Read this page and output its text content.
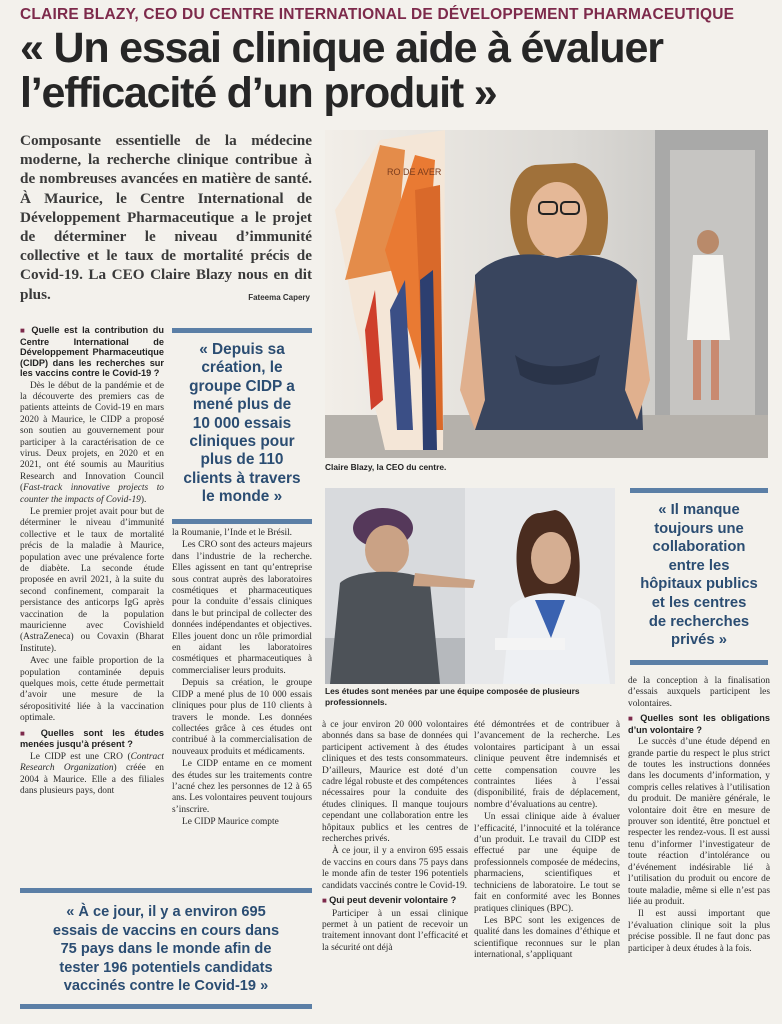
CLAIRE BLAZY, CEO DU CENTRE INTERNATIONAL DE DÉVELOPPEMENT PHARMACEUTIQUE
« Un essai clinique aide à évaluer
l’efficacité d’un produit »
Composante essentielle de la médecine moderne, la recherche clinique contribue à de nombreuses avancées en matière de santé. À Maurice, le Centre International de Développement Pharmaceutique a le projet de déterminer le niveau d’immunité collective et le taux de mortalité précis de Covid-19. La CEO Claire Blazy nous en dit plus.	Fateema Capery
RO DE AVER
Claire Blazy, la CEO du centre.
Les études sont menées par une équipe composée de plusieurs professionnels.
« Depuis sa
création, le
groupe CIDP a
mené plus de
10 000 essais
cliniques pour
plus de 110
clients à travers
le monde »
« Il manque
toujours une
collaboration
entre les
hôpitaux publics
et les centres
de recherches
privés »
« À ce jour, il y a environ 695
essais de vaccins en cours dans
75 pays dans le monde afin de
tester 196 potentiels candidats
vaccinés contre le Covid-19 »
■ Quelle est la contribution du Centre International de Développement Pharmaceutique (CIDP) dans les recherches sur les vaccins contre le Covid-19 ?

Dès le début de la pandémie et de la découverte des premiers cas de patients atteints de Covid-19 en mars 2020 à Maurice, le CIDP a proposé son soutien au gouvernement pour participer à la caractérisation de ce virus. Deux projets, en 2020 et en 2021, ont été soumis au Mauritius Research and Innovation Council (Fast-track innovative projects to counter the impacts of Covid-19).

Le premier projet avait pour but de déterminer le niveau d’immunité collective et le taux de mortalité précis de la maladie à Maurice, population avec une prévalence forte de diabète. La seconde étude proposée en avril 2021, à la suite du second confinement, comparait la persistance des anticorps IgG après vaccination de la population mauricienne avec Covishield (AstraZeneca) ou Covaxin (Bharat Institute).

Avec une faible proportion de la population contaminée depuis quelques mois, cette étude permettait d’avoir une mesure de la séropositivité liée à la vaccination optimale.

■ Quelles sont les études menées jusqu’à présent ?

Le CIDP est une CRO (Contract Research Organization) créée en 2004 à Maurice. Elle a des filiales dans plusieurs pays, dont

la Roumanie, l’Inde et le Brésil.

Les CRO sont des acteurs majeurs dans l’industrie de la recherche. Elles agissent en tant qu’entreprise sous contrat auprès des laboratoires cosmétiques et pharmaceutiques pour la conduite d’essais cliniques dans le but principal de collecter des données indépendantes et objectives. Elles jouent donc un rôle primordial en aidant les laboratoires cosmétiques et pharmaceutiques à commercialiser leurs produits.

Depuis sa création, le groupe CIDP a mené plus de 10 000 essais cliniques pour plus de 110 clients à travers le monde. Les données collectées grâce à ces études ont contribué à la commercialisation de nouveaux produits et médicaments.

Le CIDP entame en ce moment des études sur les traitements contre l’acné chez les personnes de 12 à 65 ans. Les volontaires peuvent toujours s’inscrire.

Le CIDP Maurice compte

à ce jour environ 20 000 volontaires abonnés dans sa base de données qui participent activement à des études cliniques et des tests consommateurs. D’ailleurs, Maurice est doté d’un cadre légal robuste et des compétences nécessaires pour la conduite des études cliniques. Il manque toujours cependant une collaboration entre les hôpitaux publics et les centres de recherches privés.

À ce jour, il y a environ 695 essais de vaccins en cours dans 75 pays dans le monde afin de tester 196 potentiels candidats vaccinés contre le Covid-19.

■ Qui peut devenir volontaire ?

Participer à un essai clinique permet à un patient de recevoir un traitement innovant dont l’efficacité et la sécurité ont déjà

été démontrées et de contribuer à l’avancement de la recherche. Les volontaires participant à un essai clinique peuvent être indemnisés et cette compensation couvre les contraintes liées à l’essai (disponibilité, frais de déplacement, nombre d’évaluations au centre).

Un essai clinique aide à évaluer l’efficacité, l’innocuité et la tolérance d’un produit. Le travail du CIDP est effectué par une équipe de professionnels composée de médecins, pharmaciens, scientifiques et techniciens de laboratoire. Le tout se fait en conformité avec les Bonnes pratiques cliniques (BPC).

Les BPC sont les exigences de qualité dans les domaines d’éthique et scientifique reconnues sur le plan international, s’appliquant

de la conception à la finalisation d’essais auxquels participent les volontaires.

■ Quelles sont les obligations d’un volontaire ?

Le succès d’une étude dépend en grande partie du respect le plus strict de toutes les instructions données dans les documents d’information, y compris celles relatives à l’utilisation du produit. De manière générale, le volontaire doit être en mesure de prouver son identité, être ponctuel et respecter les rendez-vous. Il est aussi tenu d’informer l’investigateur de toute réaction d’intolérance ou d’événement indésirable lié à l’utilisation du produit ou encore de toute maladie, même si elle n’est pas liée au produit.

Il est aussi important que l’évaluation clinique soit la plus précise possible. Il ne faut donc pas participer à deux études à la fois.
